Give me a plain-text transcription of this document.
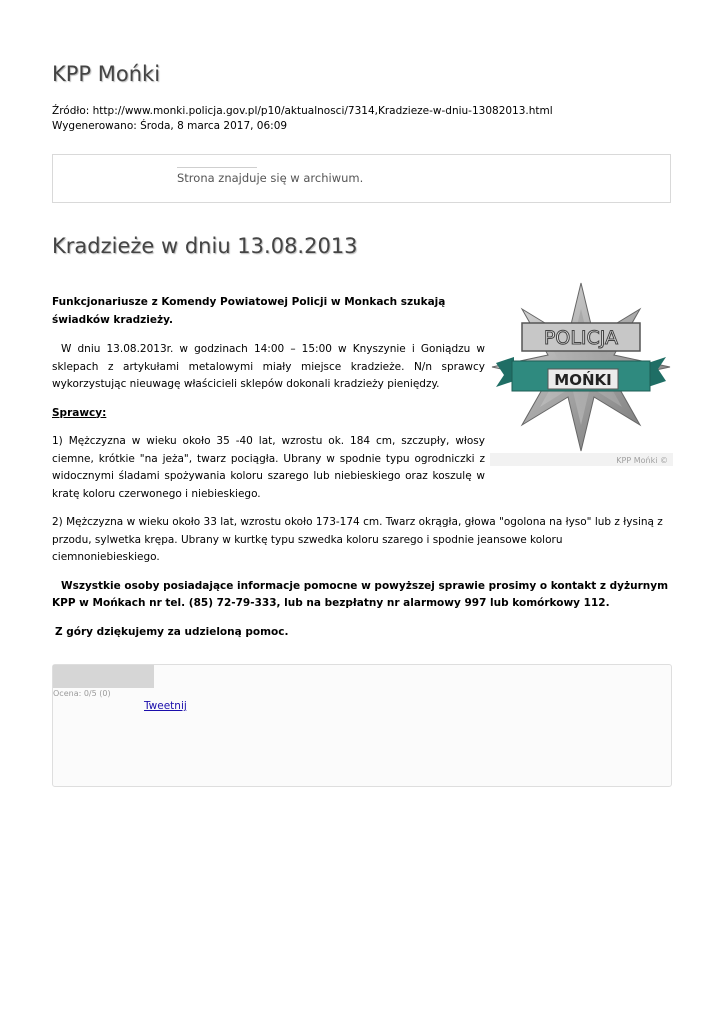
KPP Mońki
Źródło: http://www.monki.policja.gov.pl/p10/aktualnosci/7314,Kradzieze-w-dniu-13082013.html
Wygenerowano: Środa, 8 marca 2017, 06:09
Strona znajduje się w archiwum.
Kradzieże w dniu 13.08.2013
POLICJA
MOŃKI
KPP Mońki ©

Funkcjonariusze z Komendy Powiatowej Policji w Monkach szukają świadków kradzieży.

W dniu 13.08.2013r. w godzinach 14:00 – 15:00 w Knyszynie i Goniądzu w sklepach z artykułami metalowymi miały miejsce kradzieże. N/n sprawcy wykorzystując nieuwagę właścicieli sklepów dokonali kradzieży pieniędzy.

Sprawcy:

1) Mężczyzna w wieku około 35 -40 lat, wzrostu ok. 184 cm, szczupły, włosy ciemne, krótkie "na jeża", twarz pociągła. Ubrany w spodnie typu ogrodniczki z widocznymi śladami spożywania koloru szarego lub niebieskiego oraz koszulę w kratę koloru czerwonego i niebieskiego.

2) Mężczyzna w wieku około 33 lat, wzrostu około 173-174 cm. Twarz okrągła, głowa "ogolona na łyso" lub z łysiną z przodu, sylwetka krępa. Ubrany w kurtkę typu szwedka koloru szarego i spodnie jeansowe koloru ciemnoniebieskiego.

Wszystkie osoby posiadające informacje pomocne w powyższej sprawie prosimy o kontakt z dyżurnym KPP w Mońkach nr tel. (85) 72-79-333, lub na bezpłatny nr alarmowy 997 lub komórkowy 112.

Z góry dziękujemy za udzieloną pomoc.

Ocena: 0/5 (0)
Tweetnij
